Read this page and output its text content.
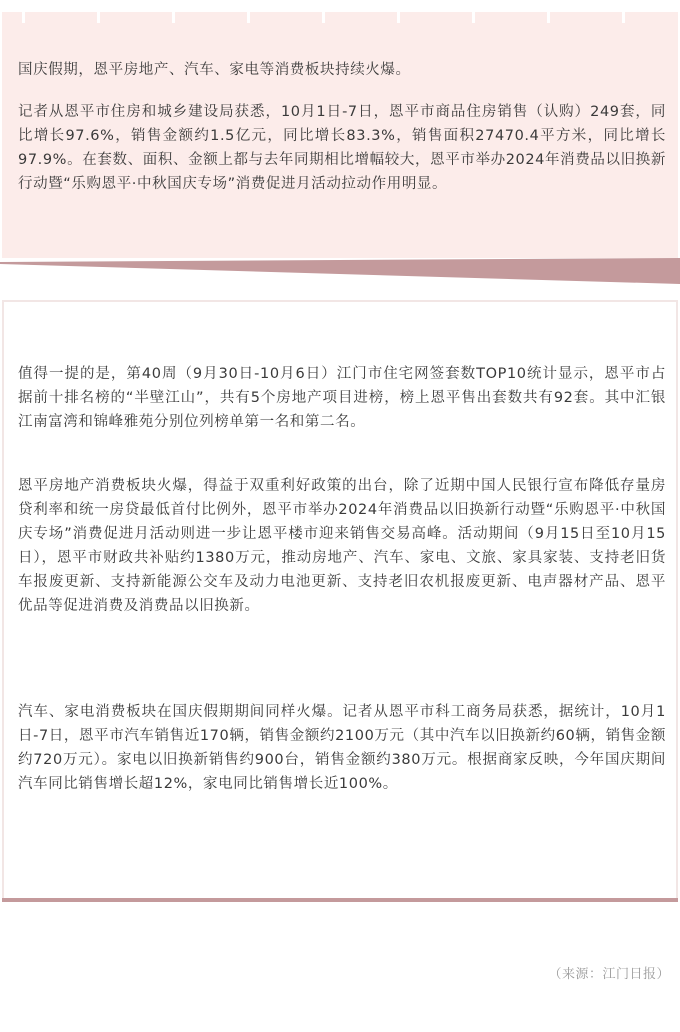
国庆假期，恩平房地产、汽车、家电等消费板块持续火爆。

记者从恩平市住房和城乡建设局获悉，10月1日-7日，恩平市商品住房销售（认购）249套，同比增长97.6%，销售金额约1.5亿元，同比增长83.3%，销售面积27470.4平方米，同比增长97.9%。在套数、面积、金额上都与去年同期相比增幅较大，恩平市举办2024年消费品以旧换新行动暨“乐购恩平·中秋国庆专场”消费促进月活动拉动作用明显。

值得一提的是，第40周（9月30日-10月6日）江门市住宅网签套数TOP10统计显示，恩平市占据前十排名榜的“半壁江山”，共有5个房地产项目进榜，榜上恩平售出套数共有92套。其中汇银江南富湾和锦峰雅苑分别位列榜单第一名和第二名。

恩平房地产消费板块火爆，得益于双重利好政策的出台，除了近期中国人民银行宣布降低存量房贷利率和统一房贷最低首付比例外，恩平市举办2024年消费品以旧换新行动暨“乐购恩平·中秋国庆专场”消费促进月活动则进一步让恩平楼市迎来销售交易高峰。活动期间（9月15日至10月15日），恩平市财政共补贴约1380万元，推动房地产、汽车、家电、文旅、家具家装、支持老旧货车报废更新、支持新能源公交车及动力电池更新、支持老旧农机报废更新、电声器材产品、恩平优品等促进消费及消费品以旧换新。

汽车、家电消费板块在国庆假期期间同样火爆。记者从恩平市科工商务局获悉，据统计，10月1日-7日，恩平市汽车销售近170辆，销售金额约2100万元（其中汽车以旧换新约60辆，销售金额约720万元）。家电以旧换新销售约900台，销售金额约380万元。根据商家反映，今年国庆期间汽车同比销售增长超12%，家电同比销售增长近100%。

（来源：江门日报）
